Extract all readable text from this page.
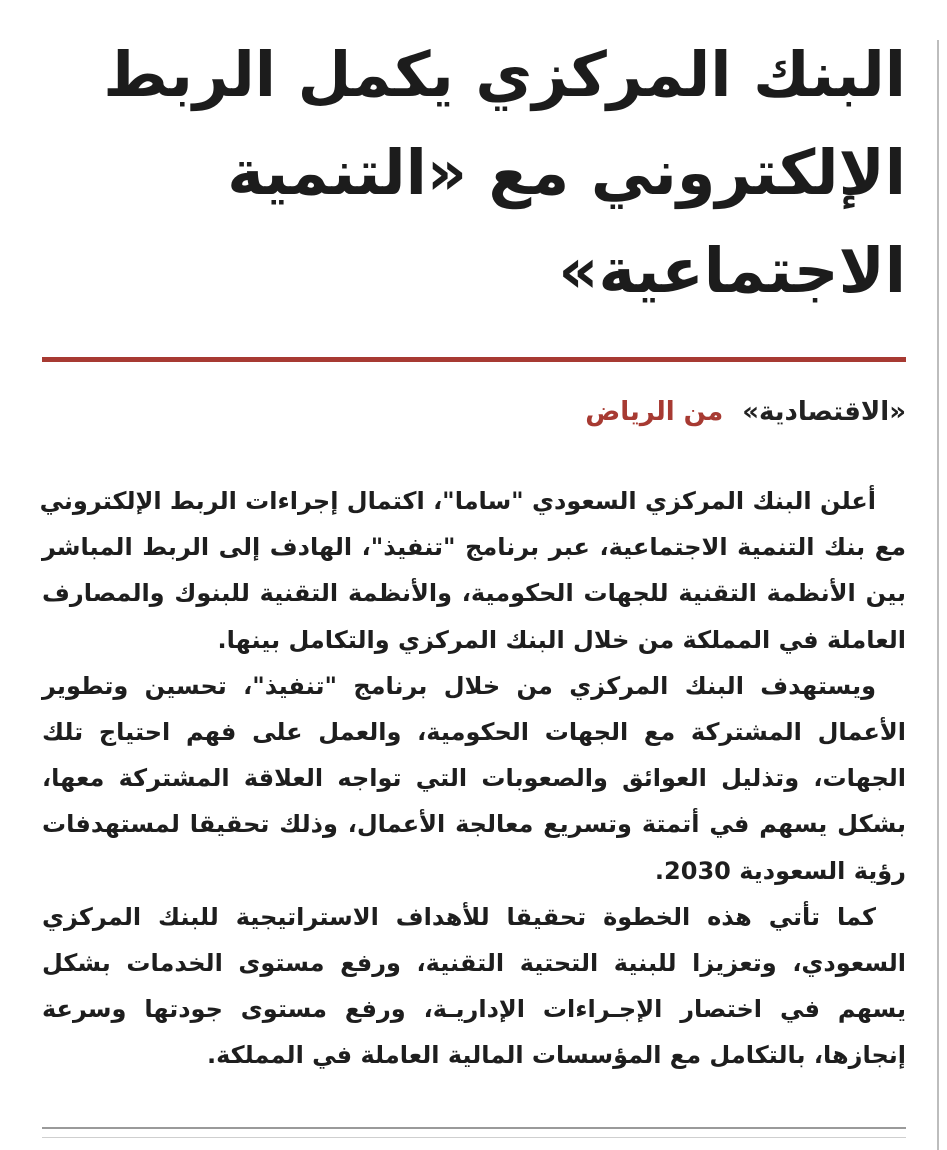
البنك المركزي يكمل الربط
الإلكتروني مع «التنمية
الاجتماعية»
«الاقتصادية» من الرياض

أعلن البنك المركزي السعودي "ساما"، اكتمال إجراءات الربط الإلكتروني
مع بنك التنمية الاجتماعية، عبر برنامج "تنفيذ"، الهادف إلى الربط المباشر
بين الأنظمة التقنية للجهات الحكومية، والأنظمة التقنية للبنوك والمصارف
العاملة في المملكة من خلال البنك المركزي والتكامل بينها.

ويستهدف البنك المركزي من خلال برنامج "تنفيذ"، تحسين وتطوير
الأعمال المشتركة مع الجهات الحكومية، والعمل على فهم احتياج تلك
الجهات، وتذليل العوائق والصعوبات التي تواجه العلاقة المشتركة معها،
بشكل يسهم في أتمتة وتسريع معالجة الأعمال، وذلك تحقيقا لمستهدفات
رؤية السعودية 2030.

كما تأتي هذه الخطوة تحقيقا للأهداف الاستراتيجية للبنك المركزي
السعودي، وتعزيزا للبنية التحتية التقنية، ورفع مستوى الخدمات بشكل
يسهم في اختصار الإجـراءات الإداريـة، ورفع مستوى جودتها وسرعة
إنجازها، بالتكامل مع المؤسسات المالية العاملة في المملكة.
